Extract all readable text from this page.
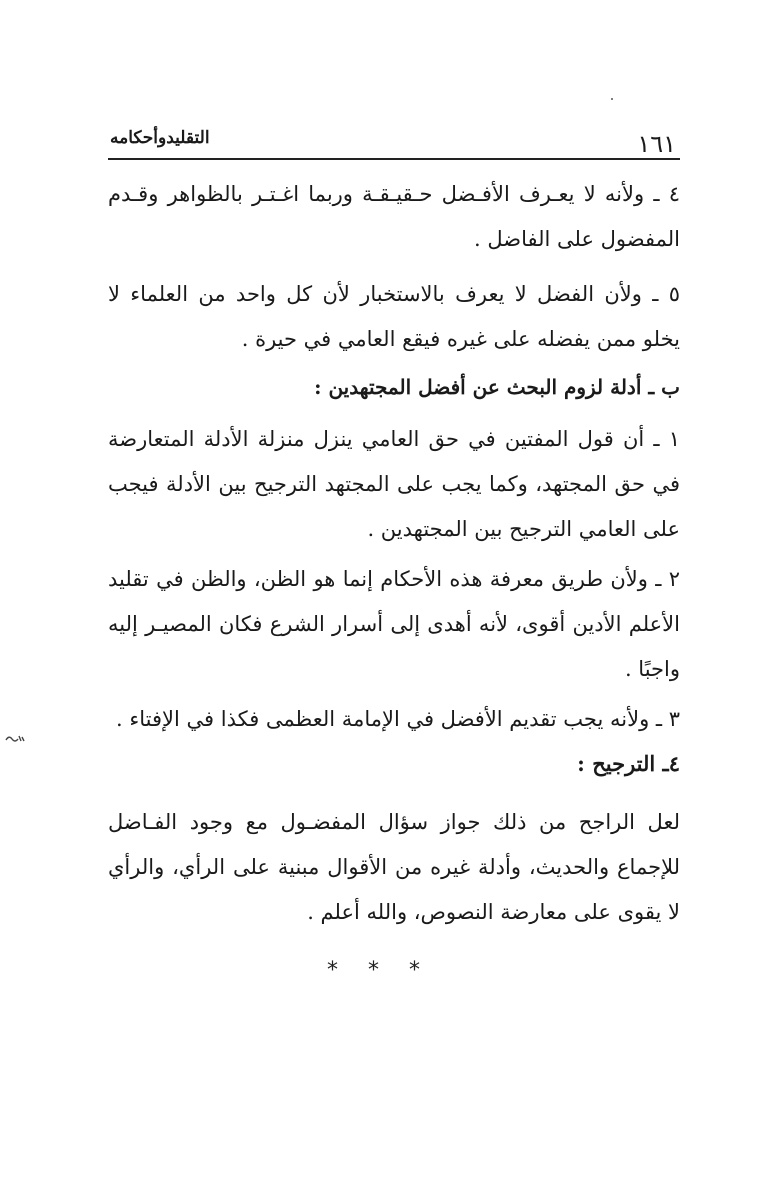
١٦١
التقليدوأحكامه

٤ ـ ولأنه لا يعـرف الأفـضل حـقيـقـة وربما اغـتـر بالظواهر وقـدم المفضول على الفاضل .

٥ ـ ولأن الفضل لا يعرف بالاستخبار لأن كل واحد من العلماء لا يخلو ممن يفضله على غيره فيقع العامي في حيرة .

ب ـ أدلة لزوم البحث عن أفضل المجتهدين :

١ ـ أن قول المفتين في حق العامي ينزل منزلة الأدلة المتعارضة في حق المجتهد، وكما يجب على المجتهد الترجيح بين الأدلة فيجب على العامي الترجيح بين المجتهدين .

٢ ـ ولأن طريق معرفة هذه الأحكام إنما هو الظن، والظن في تقليد الأعلم الأدين أقوى، لأنه أهدى إلى أسرار الشرع فكان المصيـر إليه واجبًا .

٣ ـ ولأنه يجب تقديم الأفضل في الإمامة العظمى فكذا في الإفتاء .

٤ـ الترجيح :

لعل الراجح من ذلك جواز سؤال المفضـول مع وجود الفـاضل للإجماع والحديث، وأدلة غيره من الأقوال مبنية على الرأي، والرأي لا يقوى على معارضة النصوص، والله أعلم .

* * *
